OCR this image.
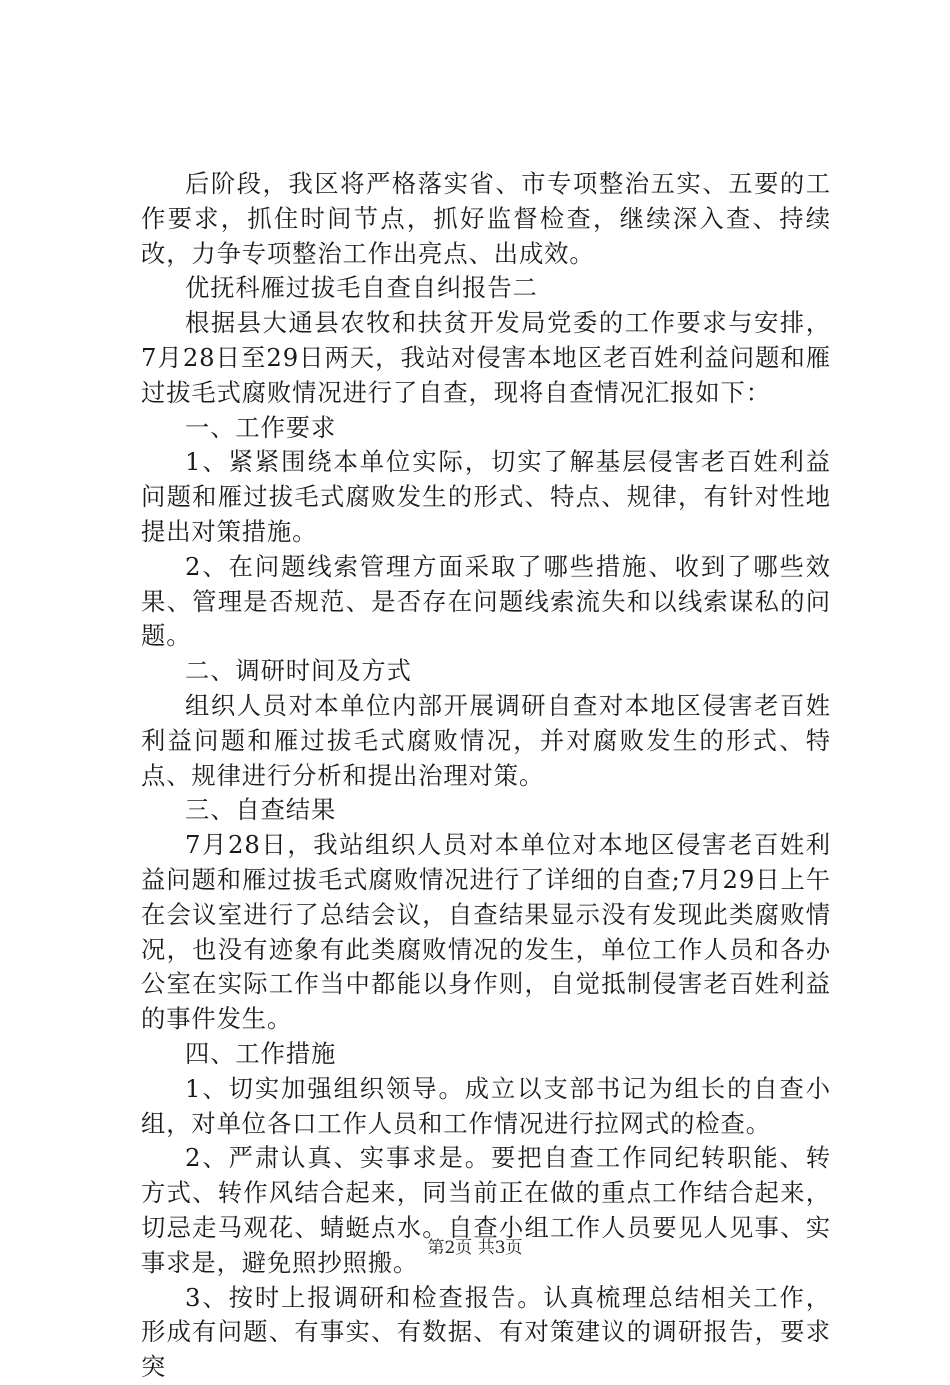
后阶段，我区将严格落实省、市专项整治五实、五要的工作要求，抓住时间节点，抓好监督检查，继续深入查、持续改，力争专项整治工作出亮点、出成效。

优抚科雁过拔毛自查自纠报告二

根据县大通县农牧和扶贫开发局党委的工作要求与安排，7月28日至29日两天，我站对侵害本地区老百姓利益问题和雁过拔毛式腐败情况进行了自查，现将自查情况汇报如下：

一、工作要求

1、紧紧围绕本单位实际，切实了解基层侵害老百姓利益问题和雁过拔毛式腐败发生的形式、特点、规律，有针对性地提出对策措施。

2、在问题线索管理方面采取了哪些措施、收到了哪些效果、管理是否规范、是否存在问题线索流失和以线索谋私的问题。

二、调研时间及方式

组织人员对本单位内部开展调研自查对本地区侵害老百姓利益问题和雁过拔毛式腐败情况，并对腐败发生的形式、特点、规律进行分析和提出治理对策。

三、自查结果

7月28日，我站组织人员对本单位对本地区侵害老百姓利益问题和雁过拔毛式腐败情况进行了详细的自查;7月29日上午在会议室进行了总结会议，自查结果显示没有发现此类腐败情况，也没有迹象有此类腐败情况的发生，单位工作人员和各办公室在实际工作当中都能以身作则，自觉抵制侵害老百姓利益的事件发生。

四、工作措施

1、切实加强组织领导。成立以支部书记为组长的自查小组，对单位各口工作人员和工作情况进行拉网式的检查。

2、严肃认真、实事求是。要把自查工作同纪转职能、转方式、转作风结合起来，同当前正在做的重点工作结合起来，切忌走马观花、蜻蜓点水。自查小组工作人员要见人见事、实事求是，避免照抄照搬。

3、按时上报调研和检查报告。认真梳理总结相关工作，形成有问题、有事实、有数据、有对策建议的调研报告，要求突

第2页 共3页
